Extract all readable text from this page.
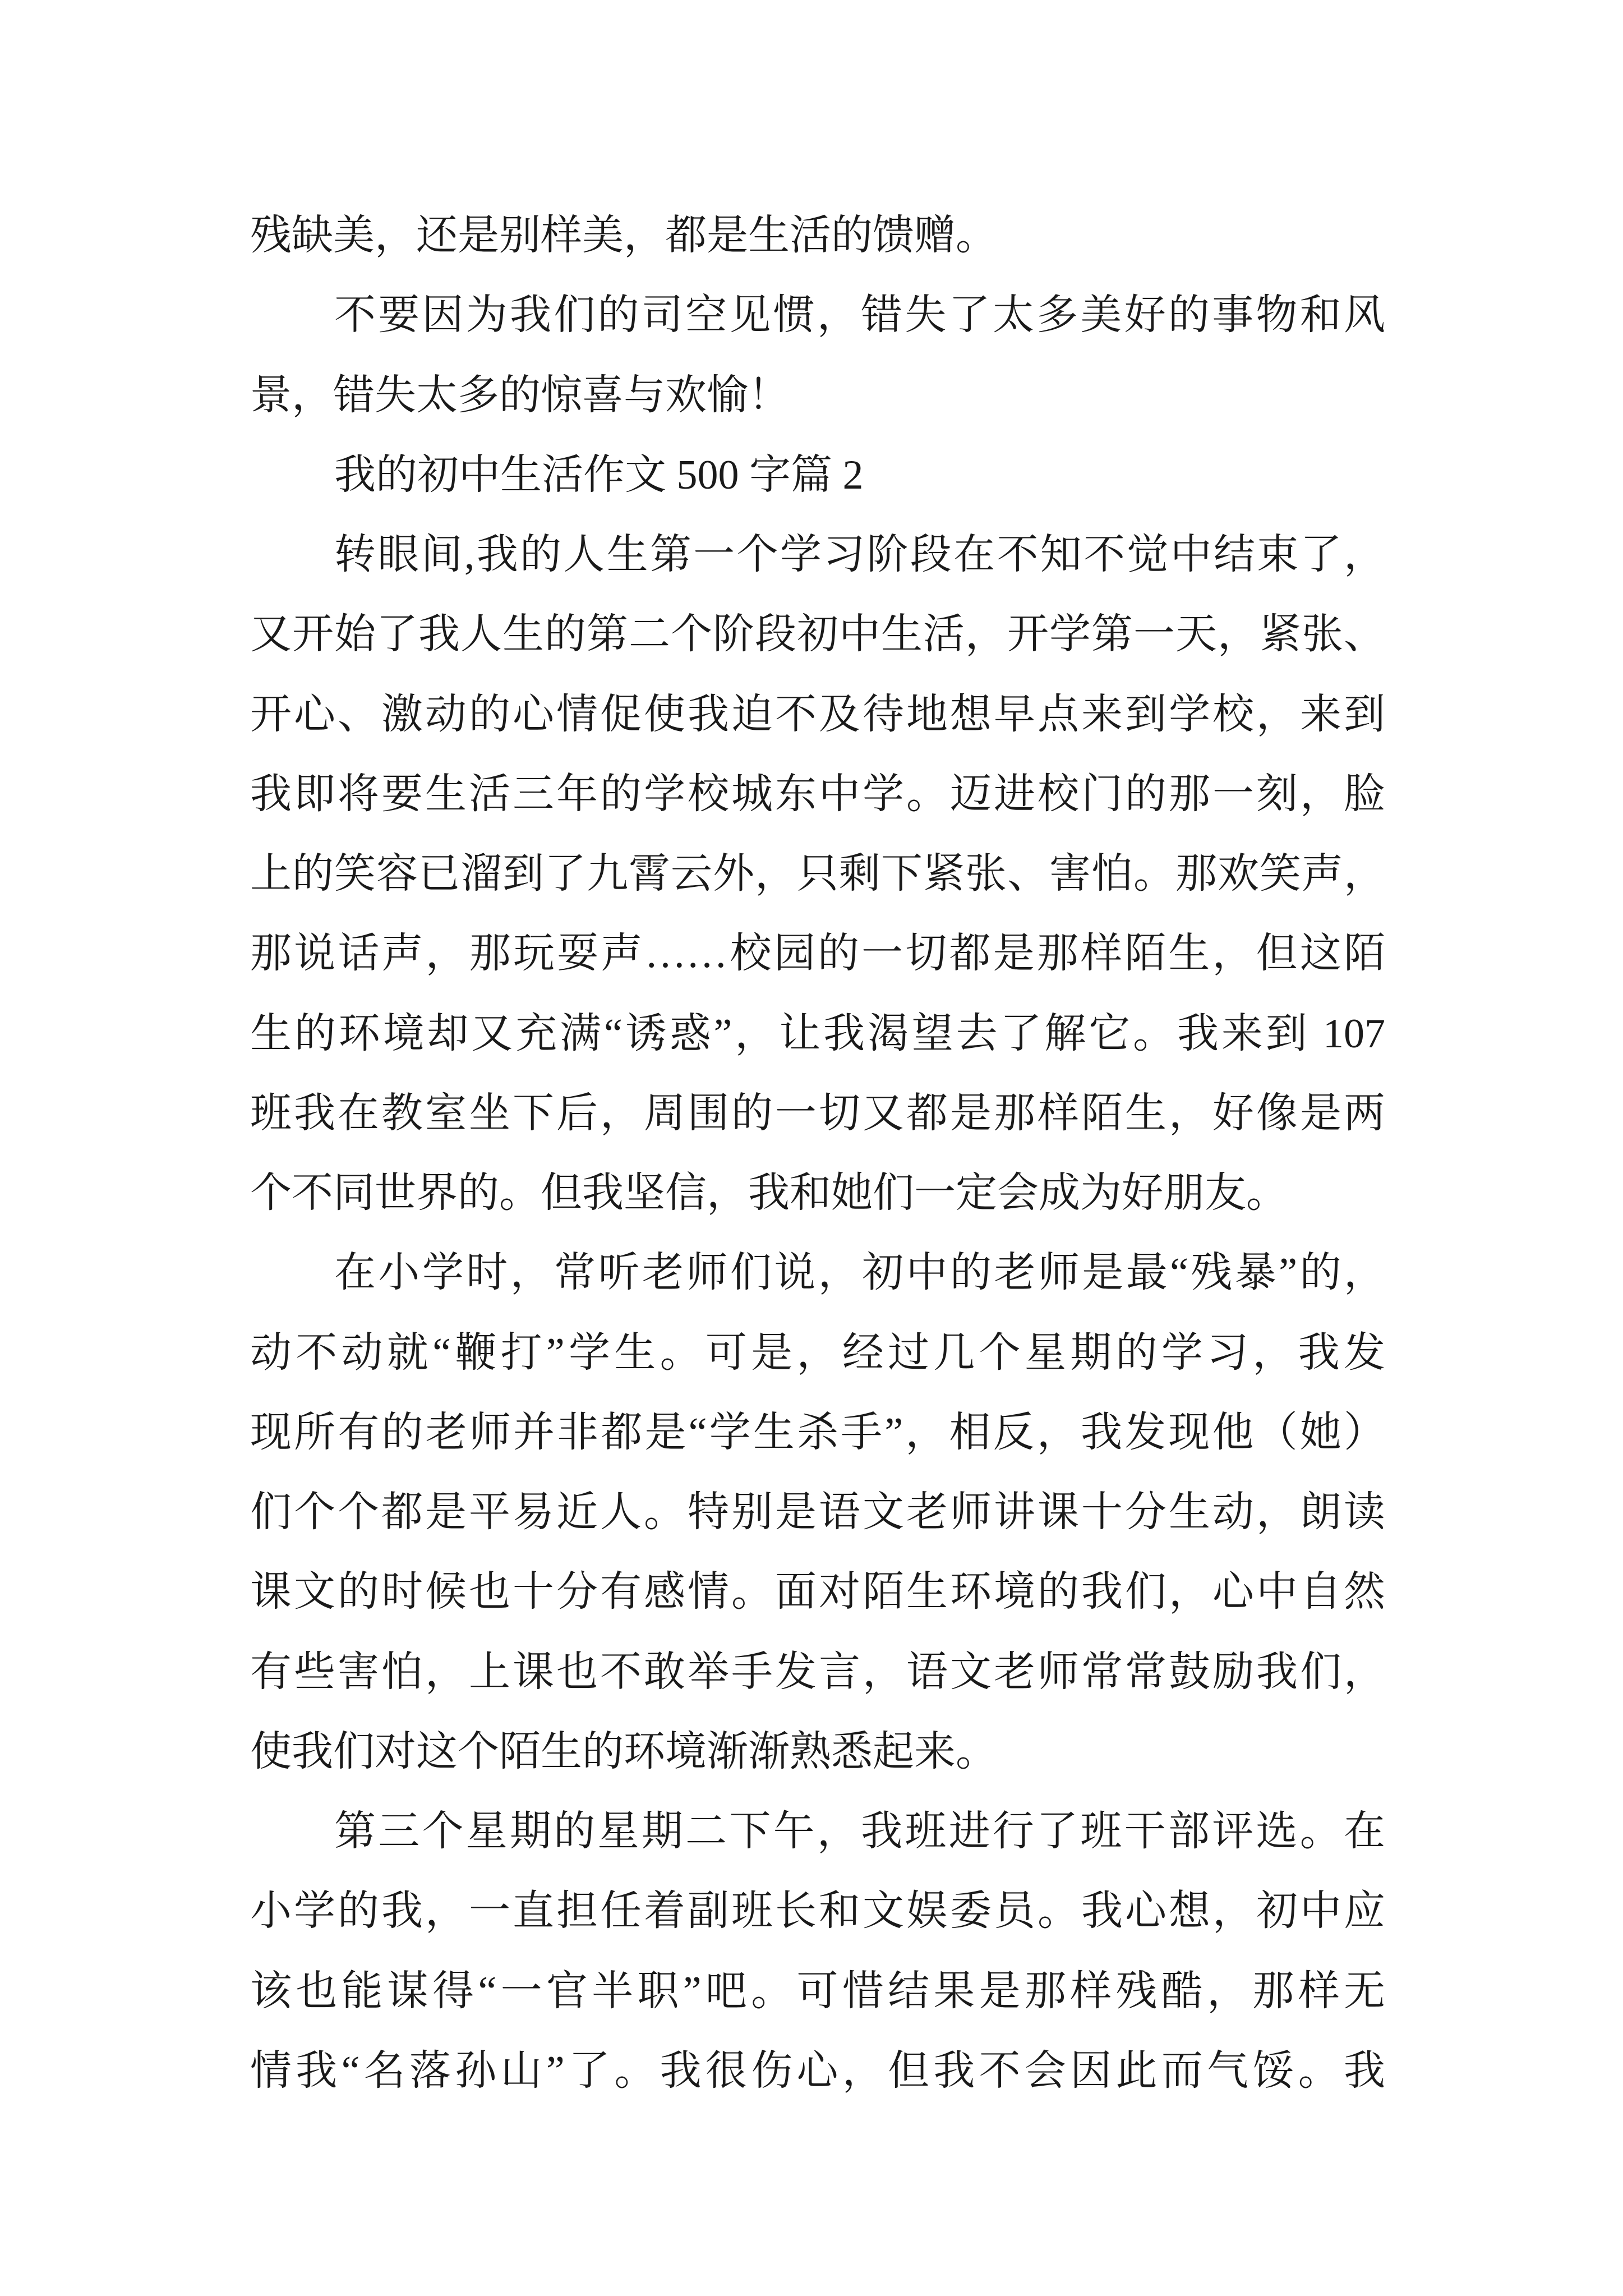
残缺美，还是别样美，都是生活的馈赠。
不要因为我们的司空见惯，错失了太多美好的事物和风
景，错失太多的惊喜与欢愉！
我的初中生活作文 500 字篇 2
转眼间,我的人生第一个学习阶段在不知不觉中结束了，
又开始了我人生的第二个阶段初中生活，开学第一天，紧张、
开心、激动的心情促使我迫不及待地想早点来到学校，来到
我即将要生活三年的学校城东中学。迈进校门的那一刻，脸
上的笑容已溜到了九霄云外，只剩下紧张、害怕。那欢笑声，
那说话声，那玩耍声……校园的一切都是那样陌生，但这陌
生的环境却又充满“诱惑”，让我渴望去了解它。我来到 107
班我在教室坐下后，周围的一切又都是那样陌生，好像是两
个不同世界的。但我坚信，我和她们一定会成为好朋友。
在小学时，常听老师们说，初中的老师是最“残暴”的，
动不动就“鞭打”学生。可是，经过几个星期的学习，我发
现所有的老师并非都是“学生杀手”，相反，我发现他（她）
们个个都是平易近人。特别是语文老师讲课十分生动，朗读
课文的时候也十分有感情。面对陌生环境的我们，心中自然
有些害怕，上课也不敢举手发言，语文老师常常鼓励我们，
使我们对这个陌生的环境渐渐熟悉起来。
第三个星期的星期二下午，我班进行了班干部评选。在
小学的我，一直担任着副班长和文娱委员。我心想，初中应
该也能谋得“一官半职”吧。可惜结果是那样残酷，那样无
情我“名落孙山”了。我很伤心，但我不会因此而气馁。我
